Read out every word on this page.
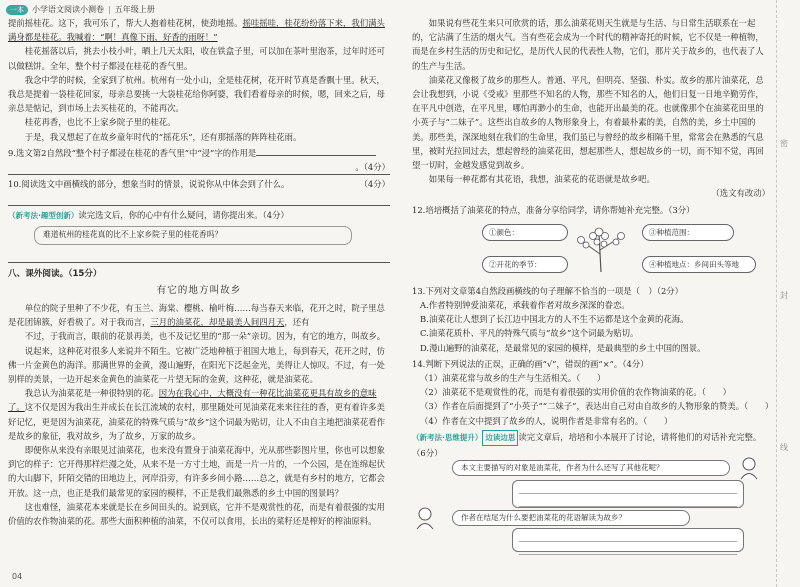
一本	小学语文阅读小测卷 | 五年级上册

提前摇桂花。这下，我可乐了，帮大人抱着桂花树，使劲地摇。摇哇摇哇，桂花纷纷落下来，我们满头满身都是桂花。我喊着：“啊！真像下雨，好香的雨呀！”

桂花摇落以后，挑去小枝小叶，晒上几天太阳，收在铁盒子里，可以加在茶叶里泡茶，过年时还可以做糕饼。全年，整个村子都浸在桂花的香气里。

我念中学的时候，全家到了杭州。杭州有一处小山，全是桂花树，花开时节真是香飘十里。秋天，我总是提着一袋桂花回家，母亲总要挑一大袋桂花给你阿婆，我们看着母亲的时候，嗯，回来之后，母亲总是惦记，到市场上去买桂花的，不能再次。

桂花再香，也比不上家乡院子里的桂花。

于是，我又想起了在故乡童年时代的“摇花乐”，还有那摇落的阵阵桂花雨。

9.选文第2自然段“整个村子都浸在桂花的香气里”中“浸”字的作用是
。（4分）
10.阅读选文中画横线的部分，想象当时的情景，说说你从中体会到了什么。	（4分）
（新考法·趣型创新）读完选文后，你的心中有什么疑问，请你提出来。（4分）
难道杭州的桂花真的比不上家乡院子里的桂花香吗？
八、课外阅读。（15分）
有它的地方叫故乡

单位的院子里种了不少花，有玉兰、海棠、樱桃、榆叶梅……每当春天来临，花开之时，院子里总是花团锦簇，好看极了。对于我而言，三月的油菜花，却是最美人间四月天，还有

不过，于我而言，眼前的花景再美，也不及记忆里的“那一朵”亲切。因为，有它的地方，叫故乡。

说起来，这种花对很多人来说并不陌生。它被广泛地种植于祖国大地上，每到春天，花开之时，仿佛一片金黄色的海洋。那满世界的金黄，漫山遍野，在阳光下泛起金光，美得让人惊叹。不过，有一处别样的美景，一边开起来金黄色的油菜花一片望无际的金黄，这种花，就是油菜花。

我总认为油菜花是一种很特别的花。因为在我心中，大概没有一种花比油菜花更具有故乡的意味了。这不仅是因为我出生并成长在长江流域的农村，那里随处可见油菜花来来往往的香，更有着许多美好记忆，更是因为油菜花，油菜花的特殊气质与“故乡”这个词最为贴切，让人不由自主地把油菜花看作是故乡的象征，我对故乡，为了故乡，万家的故乡。

即便你从来没有亲眼见过油菜花，也来没有置身于油菜花海中，光从那些影图片里，你也可以想象到它的样子：它开得那样烂漫之处，从来不是一方寸土地，而是一片一片的，一个公园，是在连绵起伏的大山脚下，阡陌交错的田地边上，河岸沿旁，有许多乡间小路……总之，就是有乡村的地方，它都会开放。这一点，也正是我们最常见的家园的模样，不正是我们最熟悉的乡土中国的图景吗？

这也难怪，油菜花本来就是长在乡间田头的。说到底，它并不是观赏性的花，而是有着很强的实用价值的农作物油菜的花。那些大面积种植的油菜，不仅可以食用，长出的菜籽还是榨好的榨油原料。

如果说有些花生来只可欣赏的话，那么油菜花则天生就是与生活、与日常生活联系在一起的，它沾满了生活的烟火气。当有些花会成为一个时代的精神寄托的时候，它不仅是一种植物，而是在乡村生活的历史和记忆，是历代人民的代表性人物，它们，那片关于故乡的，也代表了人的生产与生活。

油菜花又像极了故乡的那些人。普通、平凡，但明亮、坚强、朴实。故乡的那片油菜花，总会让我想到，小说《受戒》里那些不知名的人物，那些不知名的人，他们日复一日地辛勤劳作，在平凡中创造，在平凡里，哪怕再渺小的生命，也能开出最美的花。也就像那个在油菜花田里的小英子与“二妹子”。这些出自故乡的人物形象身上，有着最朴素的美，自然的美，乡土中国的美。那些美，深深地刻在我们的生命里，我们虽已与曾经的故乡相隔千里，常常会在熟悉的气息里，被时光拉回过去，想起曾经的油菜花田，想起那些人，想起故乡的一切，而不知不觉，再回望一切时，金越发感觉到故乡。

如果每一种花都有其花语，我想，油菜花的花语就是故乡吧。

（选文有改动）
12.培培概括了油菜花的特点，准备分享给同学，请你帮她补充完整。（3分）
①颜色：
②开花的季节：
③种植范围：
④种植地点：乡间田头等地
13.下列对文章第4自然段画横线的句子理解不恰当的一项是（　）（2分）
A.作者特别钟爱油菜花，承载着作者对故乡深深的眷恋。
B.油菜花让人想到了长江边中国北方的人不生不运都是这个金黄的花海。
C.油菜花质朴、平凡的特殊气质与“故乡”这个词最为贴切。
D.漫山遍野的油菜花，是最常见的家园的模样，是最典型的乡土中国的图景。
14.判断下列说法的正误，正确的画“√”，错误的画“×”。（4分）
（1）油菜花常与故乡的生产与生活相关。（　　）
（2）油菜花不是观赏性的花，而是有着很强的实用价值的农作物油菜的花。（　　）
（3）作者在后面提到了“小英子”“二妹子”，表达出自己对由自故乡的人物形象的赞美。（　　）
（4）作者在文中提到了故乡的人，说明作者是非常有名的。（　　）
（新考法·思维提升） 边读边思 读完文章后，培培和小本展开了讨论，请将他们的对话补充完整。
（6分）
本文主要描写的对象是油菜花，作者为什么还写了其他花呢？
作者在结尾为什么要把油菜花的花语解读为故乡？
密
封
线
04
